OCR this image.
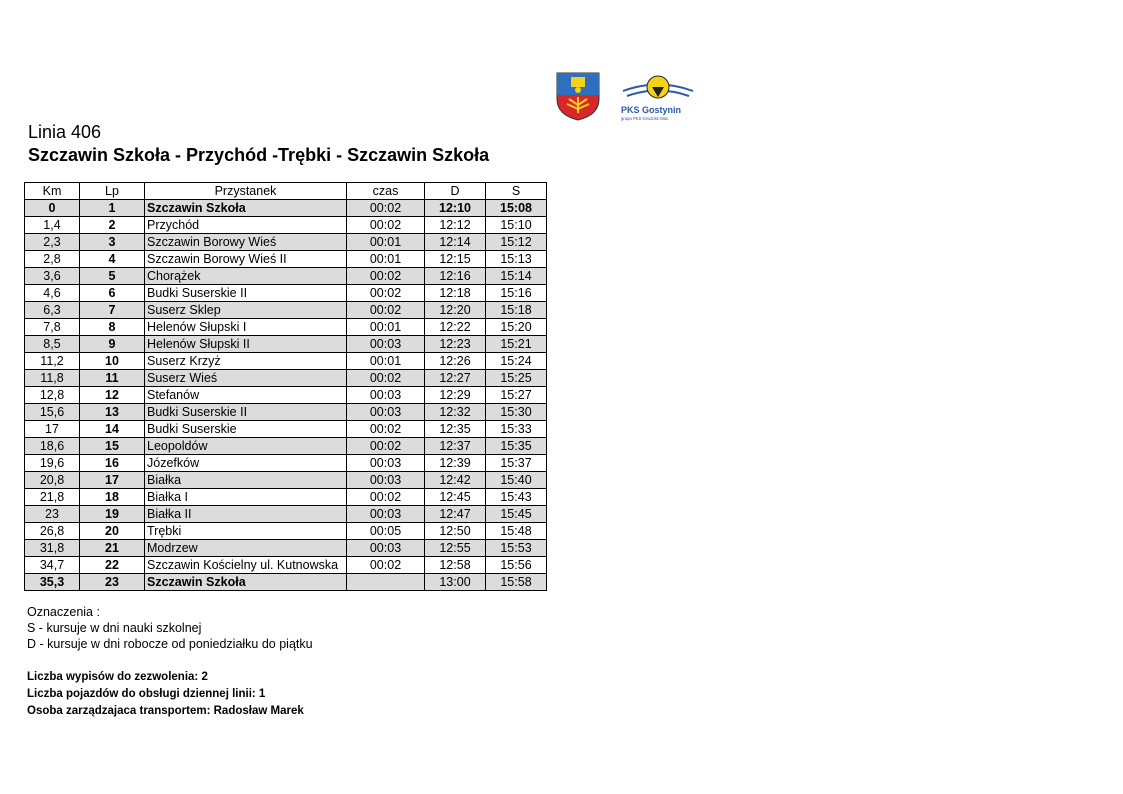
PKS Gostynin
grupa PKS Grodzisk Maz.
Linia 406
Szczawin Szkoła - Przychód -Trębki - Szczawin Szkoła
Km	Lp	Przystanek	czas	D	S
0	1	Szczawin Szkoła	00:02	12:10	15:08
1,4	2	Przychód	00:02	12:12	15:10
2,3	3	Szczawin Borowy Wieś	00:01	12:14	15:12
2,8	4	Szczawin Borowy Wieś II	00:01	12:15	15:13
3,6	5	Chorążek	00:02	12:16	15:14
4,6	6	Budki Suserskie II	00:02	12:18	15:16
6,3	7	Suserz Sklep	00:02	12:20	15:18
7,8	8	Helenów Słupski I	00:01	12:22	15:20
8,5	9	Helenów Słupski II	00:03	12:23	15:21
11,2	10	Suserz Krzyż	00:01	12:26	15:24
11,8	11	Suserz Wieś	00:02	12:27	15:25
12,8	12	Stefanów	00:03	12:29	15:27
15,6	13	Budki Suserskie II	00:03	12:32	15:30
17	14	Budki Suserskie	00:02	12:35	15:33
18,6	15	Leopoldów	00:02	12:37	15:35
19,6	16	Józefków	00:03	12:39	15:37
20,8	17	Białka	00:03	12:42	15:40
21,8	18	Białka I	00:02	12:45	15:43
23	19	Białka II	00:03	12:47	15:45
26,8	20	Trębki	00:05	12:50	15:48
31,8	21	Modrzew	00:03	12:55	15:53
34,7	22	Szczawin Kościelny ul. Kutnowska	00:02	12:58	15:56
35,3	23	Szczawin Szkoła		13:00	15:58
Oznaczenia :
S - kursuje w dni nauki szkolnej
D - kursuje w dni robocze od poniedziałku do piątku
Liczba wypisów do zezwolenia: 2
Liczba pojazdów do obsługi dziennej linii: 1
Osoba zarządzajaca transportem: Radosław Marek
